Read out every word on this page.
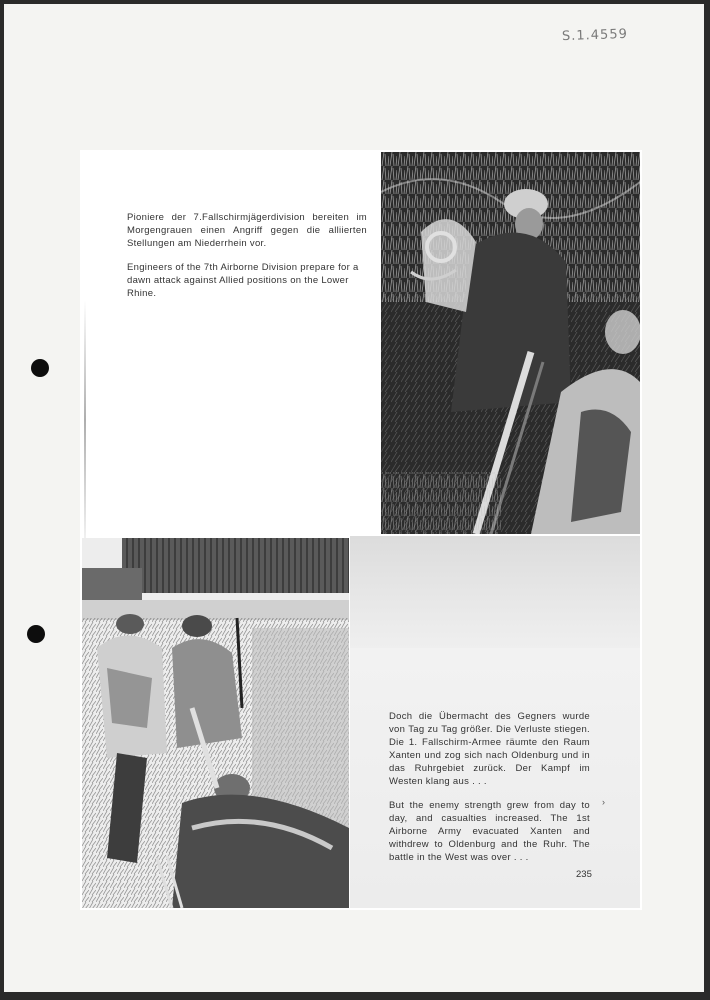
S.1.4559

Pioniere der 7.Fallschirmjägerdivision bereiten im Morgengrauen einen Angriff gegen die alliierten Stellungen am Niederrhein vor.

Engineers of the 7th Airborne Division prepare for a dawn attack against Allied positions on the Lower Rhine.

Doch die Übermacht des Gegners wurde von Tag zu Tag größer. Die Verluste stiegen. Die 1. Fallschirm-Armee räumte den Raum Xanten und zog sich nach Oldenburg und in das Ruhrgebiet zurück. Der Kampf im Westen klang aus . . .

But the enemy strength grew from day to day, and casualties increased. The 1st Airborne Army evacuated Xanten and withdrew to Oldenburg and the Ruhr. The battle in the West was over . . .

›
235
